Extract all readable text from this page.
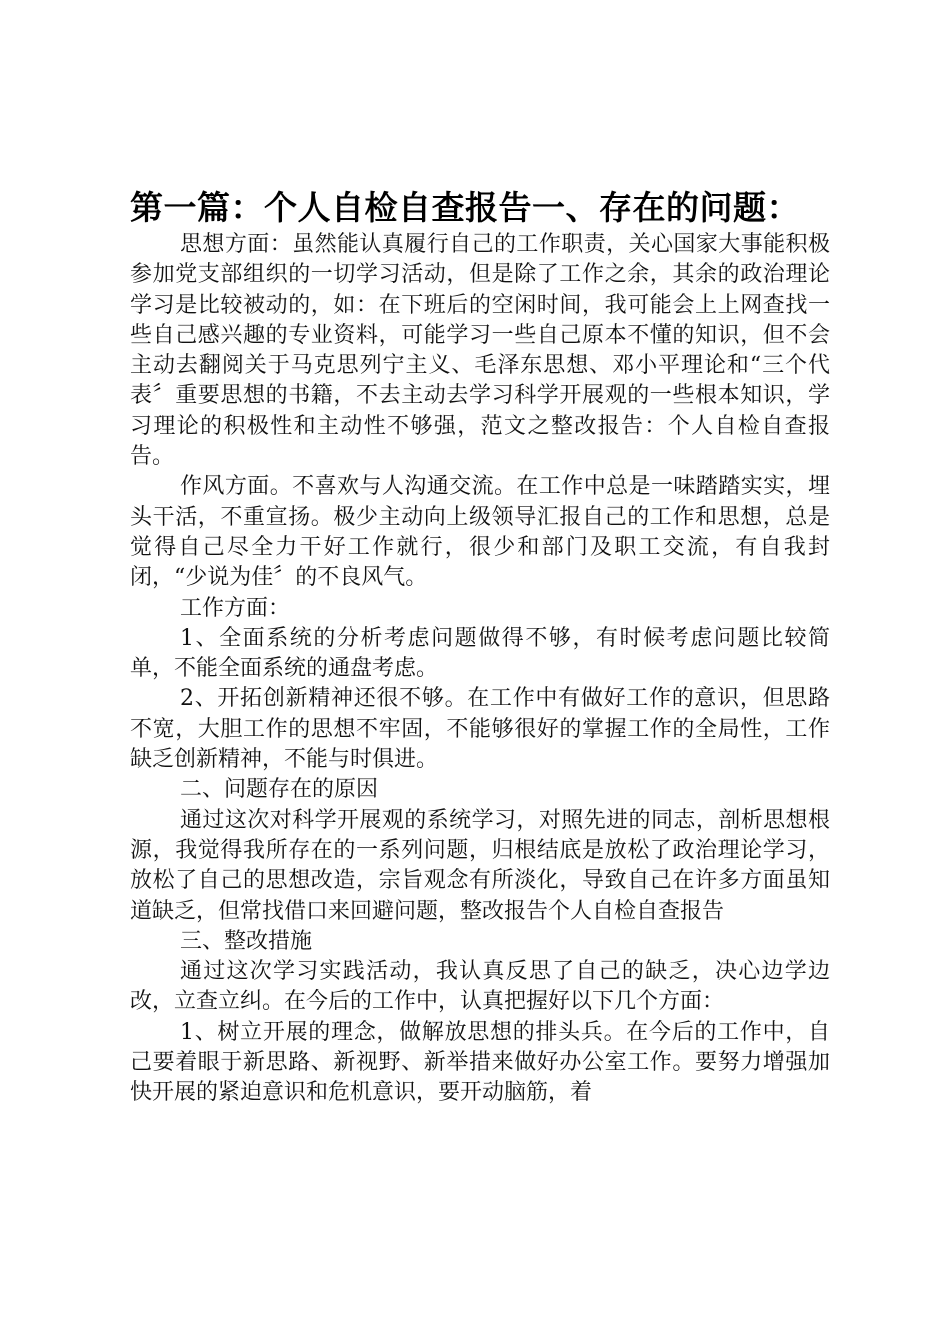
第一篇：个人自检自查报告一、存在的问题：

思想方面：虽然能认真履行自己的工作职责，关心国家大事能积极参加党支部组织的一切学习活动，但是除了工作之余，其余的政治理论学习是比较被动的，如：在下班后的空闲时间，我可能会上上网查找一些自己感兴趣的专业资料，可能学习一些自己原本不懂的知识，但不会主动去翻阅关于马克思列宁主义、毛泽东思想、邓小平理论和“三个代表〞重要思想的书籍，不去主动去学习科学开展观的一些根本知识，学习理论的积极性和主动性不够强，范文之整改报告：个人自检自查报告。

作风方面。不喜欢与人沟通交流。在工作中总是一味踏踏实实，埋头干活，不重宣扬。极少主动向上级领导汇报自己的工作和思想，总是觉得自己尽全力干好工作就行，很少和部门及职工交流，有自我封闭，“少说为佳〞的不良风气。

工作方面：

1、全面系统的分析考虑问题做得不够，有时候考虑问题比较简单，不能全面系统的通盘考虑。

2、开拓创新精神还很不够。在工作中有做好工作的意识，但思路不宽，大胆工作的思想不牢固，不能够很好的掌握工作的全局性，工作缺乏创新精神，不能与时俱进。

二、问题存在的原因

通过这次对科学开展观的系统学习，对照先进的同志，剖析思想根源，我觉得我所存在的一系列问题，归根结底是放松了政治理论学习，放松了自己的思想改造，宗旨观念有所淡化，导致自己在许多方面虽知道缺乏，但常找借口来回避问题，整改报告个人自检自查报告

三、整改措施

通过这次学习实践活动，我认真反思了自己的缺乏，决心边学边改，立查立纠。在今后的工作中，认真把握好以下几个方面：

1、树立开展的理念，做解放思想的排头兵。在今后的工作中，自己要着眼于新思路、新视野、新举措来做好办公室工作。要努力增强加快开展的紧迫意识和危机意识，要开动脑筋，着
